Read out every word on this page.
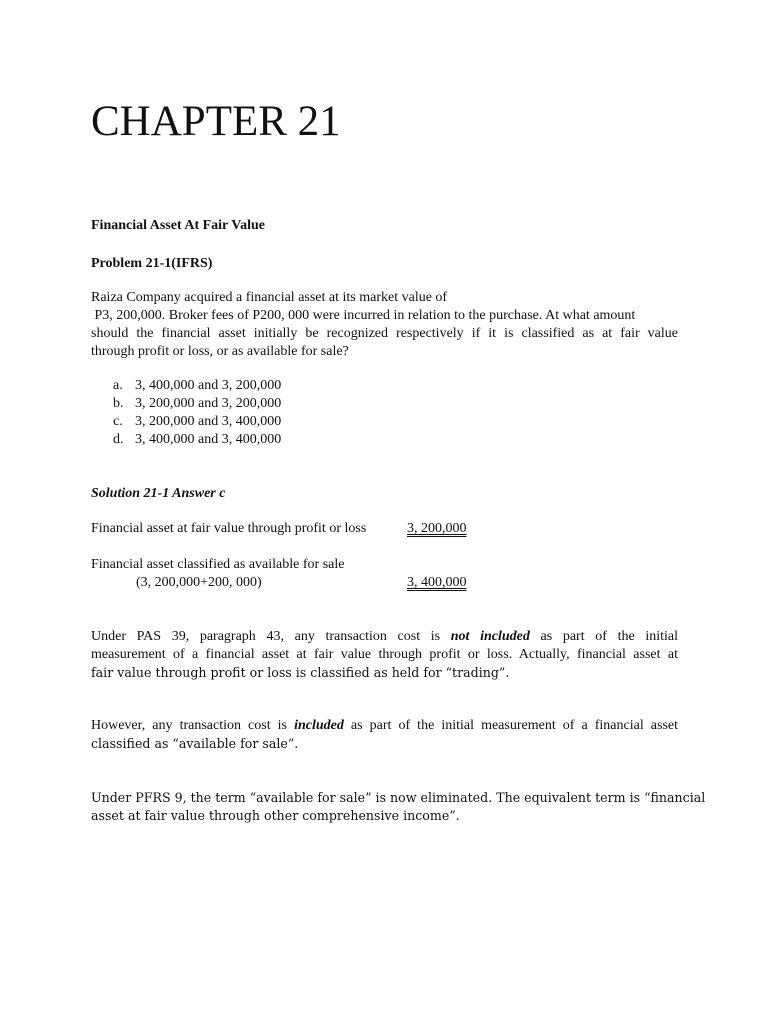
CHAPTER 21
Financial Asset At Fair Value
Problem 21-1(IFRS)
Raiza Company acquired a financial asset at its market value of
P3, 200,000. Broker fees of P200, 000 were incurred in relation to the purchase. At what amount
should the financial asset initially be recognized respectively if it is classified as at fair value
through profit or loss, or as available for sale?
a. 3, 400,000 and 3, 200,000
b. 3, 200,000 and 3, 200,000
c. 3, 200,000 and 3, 400,000
d. 3, 400,000 and 3, 400,000
Solution 21-1 Answer c
Financial asset at fair value through profit or loss	3, 200,000
Financial asset classified as available for sale
(3, 200,000+200, 000)	3, 400,000
Under PAS 39, paragraph 43, any transaction cost is not included as part of the initial
measurement of a financial asset at fair value through profit or loss. Actually, financial asset at
fair value through profit or loss is classified as held for “trading”.
However, any transaction cost is included as part of the initial measurement of a financial asset
classified as “available for sale”.
Under PFRS 9, the term “available for sale” is now eliminated. The equivalent term is “financial
asset at fair value through other comprehensive income”.
